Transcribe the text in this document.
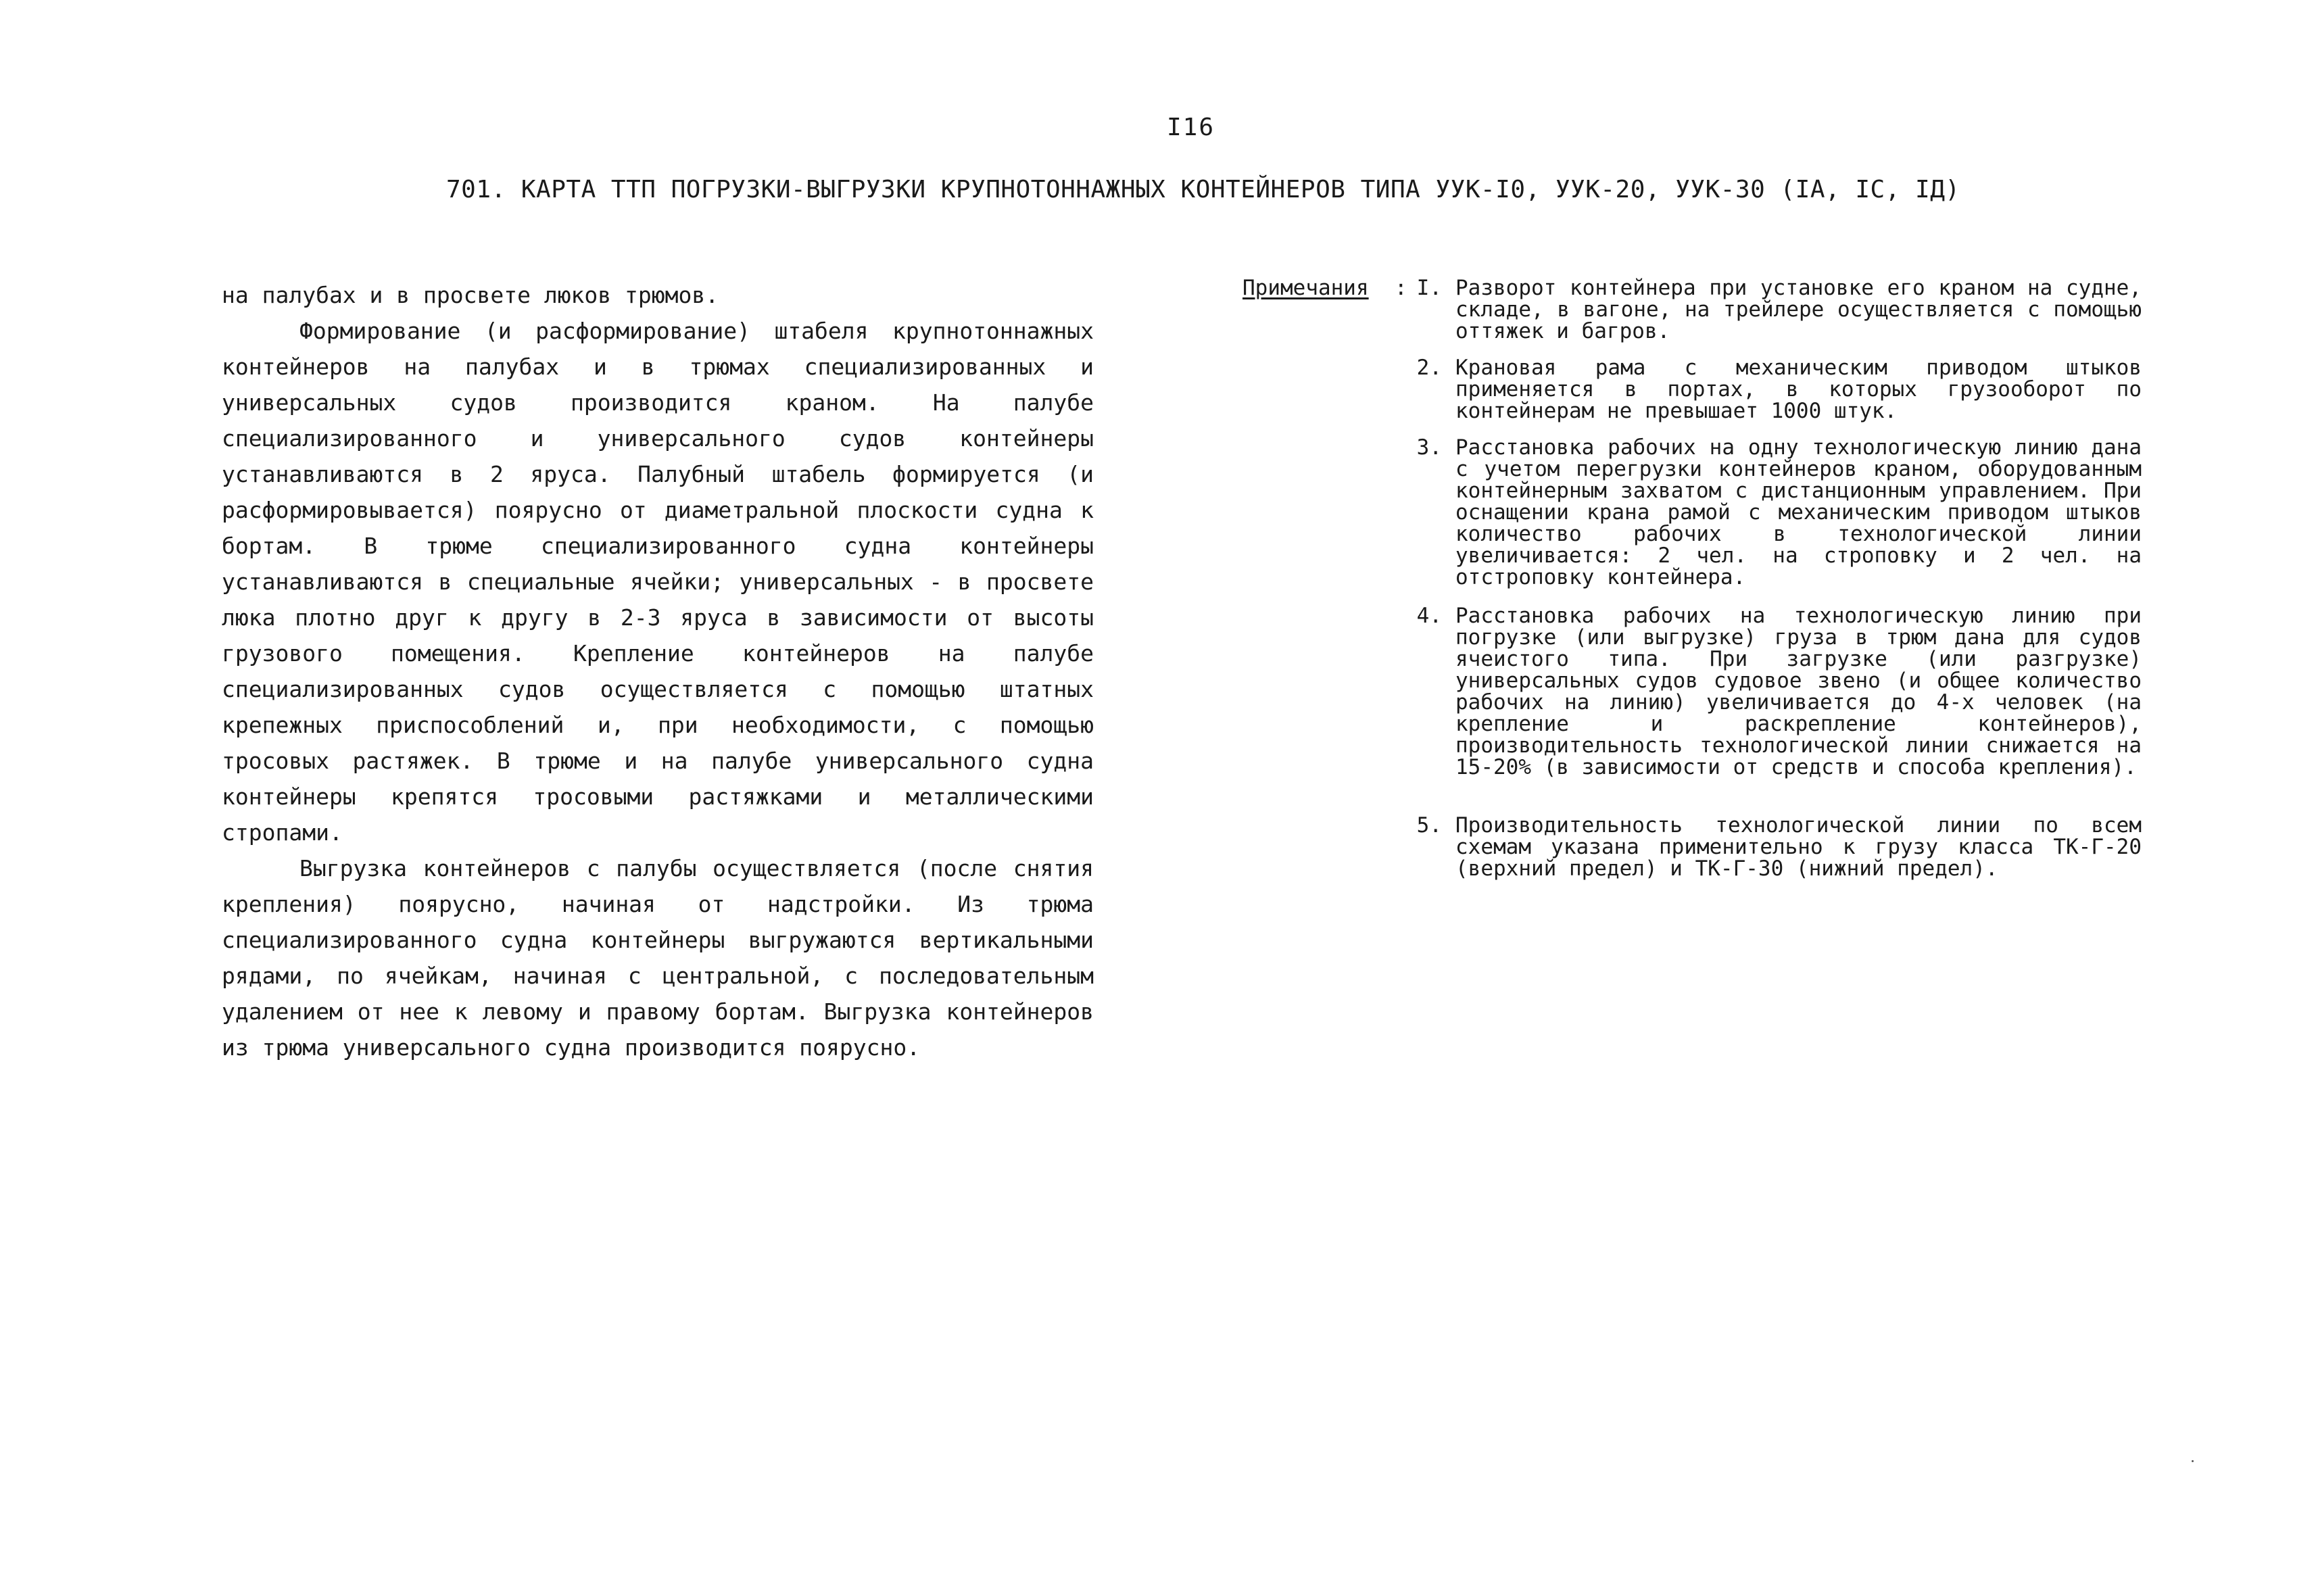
I16
701. КАРТА ТТП ПОГРУЗКИ-ВЫГРУЗКИ КРУПНОТОННАЖНЫХ КОНТЕЙНЕРОВ ТИПА УУК-I0, УУК-20, УУК-30 (IA, IC, IД)

на палубах и в просвете люков трюмов.

Формирование (и расформирование) штабеля крупнотоннажных контейнеров на палубах и в трюмах специализированных и универсальных судов производится краном. На палубе специализированного и универсального судов контейнеры устанавливаются в 2 яруса. Палубный штабель формируется (и расформировывается) поярусно от диаметральной плоскости судна к бортам. В трюме специализированного судна контейнеры устанавливаются в специальные ячейки; универсальных - в просвете люка плотно друг к другу в 2-3 яруса в зависимости от высоты грузового помещения. Крепление контейнеров на палубе специализированных судов осуществляется с помощью штатных крепежных приспособлений и, при необходимости, с помощью тросовых растяжек. В трюме и на палубе универсального судна контейнеры крепятся тросовыми растяжками и металлическими стропами.

Выгрузка контейнеров с палубы осуществляется (после снятия крепления) поярусно, начиная от надстройки. Из трюма специализированного судна контейнеры выгружаются вертикальными рядами, по ячейкам, начиная с центральной, с последовательным удалением от нее к левому и правому бортам. Выгрузка контейнеров из трюма универсального судна производится поярусно.

Примечания : I. Разворот контейнера при установке его краном на судне, складе, в вагоне, на трейлере осуществляется с помощью оттяжек и багров.
2. Крановая рама с механическим приводом штыков применяется в портах, в которых грузооборот по контейнерам не превышает 1000 штук.
3. Расстановка рабочих на одну технологическую линию дана с учетом перегрузки контейнеров краном, оборудованным контейнерным захватом с дистанционным управлением. При оснащении крана рамой с механическим приводом штыков количество рабочих в технологической линии увеличивается: 2 чел. на строповку и 2 чел. на отстроповку контейнера.
4. Расстановка рабочих на технологическую линию при погрузке (или выгрузке) груза в трюм дана для судов ячеистого типа. При загрузке (или разгрузке) универсальных судов судовое звено (и общее количество рабочих на линию) увеличивается до 4-х человек (на крепление и раскрепление контейнеров), производительность технологической линии снижается на 15-20% (в зависимости от средств и способа крепления).
5. Производительность технологической линии по всем схемам указана применительно к грузу класса ТК-Г-20 (верхний предел) и ТК-Г-30 (нижний предел).
